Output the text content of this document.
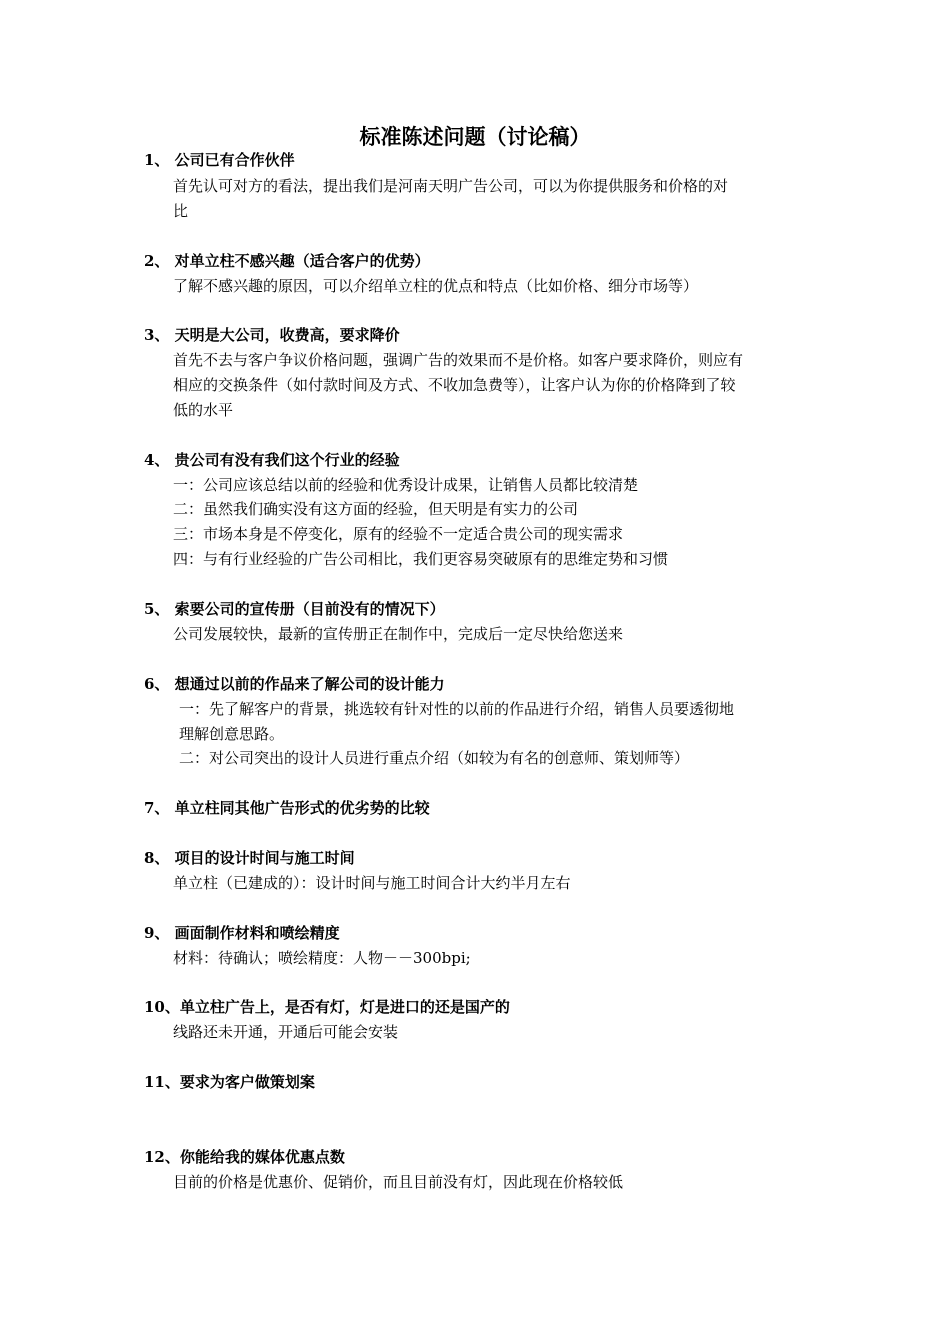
标准陈述问题（讨论稿）
1、 公司已有合作伙伴
首先认可对方的看法，提出我们是河南天明广告公司，可以为你提供服务和价格的对
比
2、 对单立柱不感兴趣（适合客户的优势）
了解不感兴趣的原因，可以介绍单立柱的优点和特点（比如价格、细分市场等）
3、 天明是大公司，收费高，要求降价
首先不去与客户争议价格问题，强调广告的效果而不是价格。如客户要求降价，则应有
相应的交换条件（如付款时间及方式、不收加急费等），让客户认为你的价格降到了较
低的水平
4、 贵公司有没有我们这个行业的经验
一：公司应该总结以前的经验和优秀设计成果，让销售人员都比较清楚
二：虽然我们确实没有这方面的经验，但天明是有实力的公司
三：市场本身是不停变化，原有的经验不一定适合贵公司的现实需求
四：与有行业经验的广告公司相比，我们更容易突破原有的思维定势和习惯
5、 索要公司的宣传册（目前没有的情况下）
公司发展较快，最新的宣传册正在制作中，完成后一定尽快给您送来
6、 想通过以前的作品来了解公司的设计能力
一：先了解客户的背景，挑选较有针对性的以前的作品进行介绍，销售人员要透彻地
理解创意思路。
二：对公司突出的设计人员进行重点介绍（如较为有名的创意师、策划师等）
7、 单立柱同其他广告形式的优劣势的比较
8、 项目的设计时间与施工时间
单立柱（已建成的）：设计时间与施工时间合计大约半月左右
9、 画面制作材料和喷绘精度
材料：待确认；喷绘精度：人物－－300bpi;
10、单立柱广告上，是否有灯，灯是进口的还是国产的
线路还未开通，开通后可能会安装
11、要求为客户做策划案
12、你能给我的媒体优惠点数
目前的价格是优惠价、促销价，而且目前没有灯，因此现在价格较低
